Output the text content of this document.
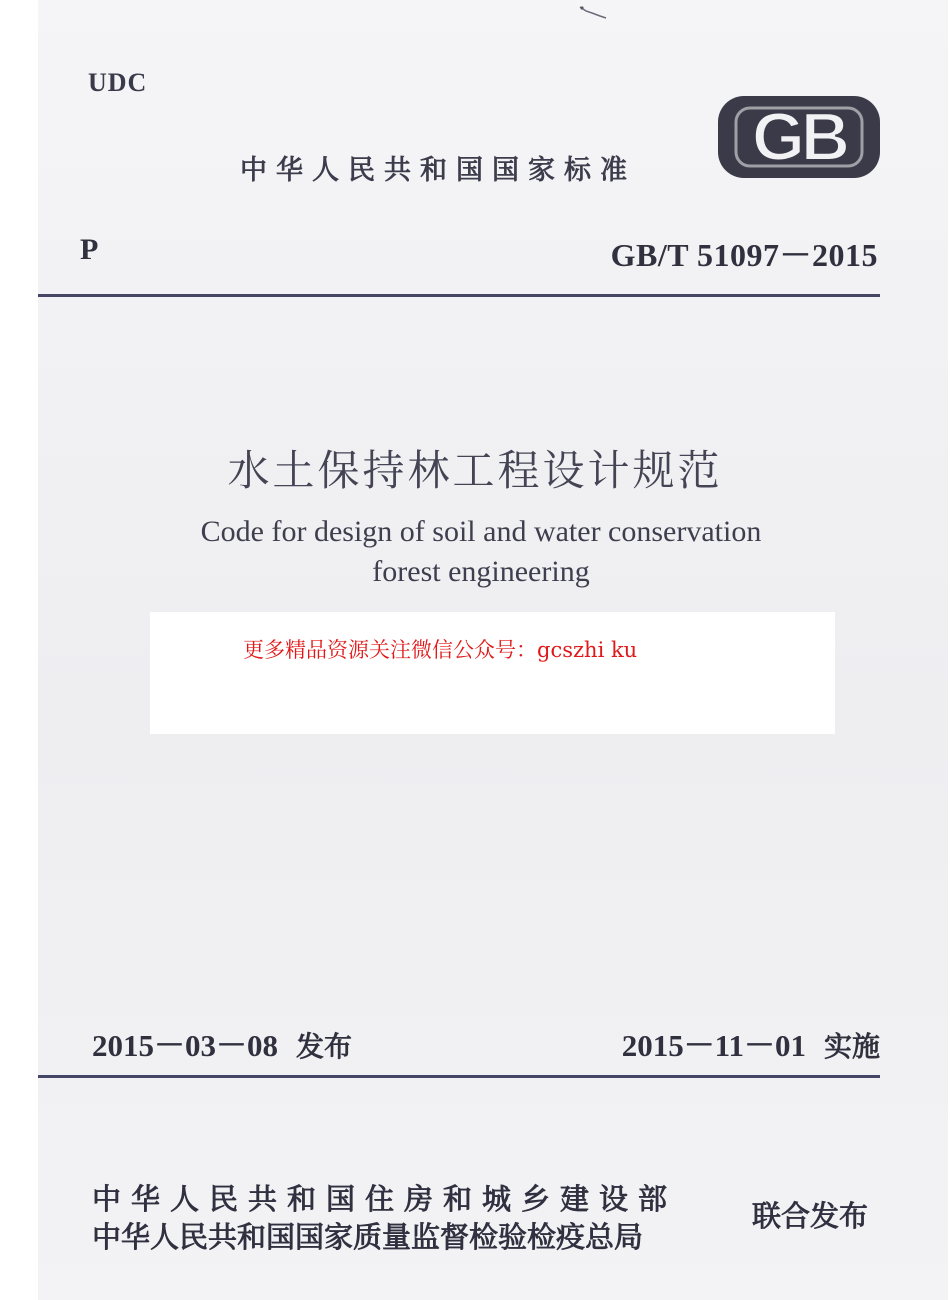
UDC
中华人民共和国国家标准 GB
P	GB/T 51097－2015
水土保持林工程设计规范
Code for design of soil and water conservation
forest engineering
更多精品资源关注微信公众号：gcszhi ku
2015－03－08 发布	2015－11－01 实施
中华人民共和国住房和城乡建设部
中华人民共和国国家质量监督检验检疫总局
联合发布
